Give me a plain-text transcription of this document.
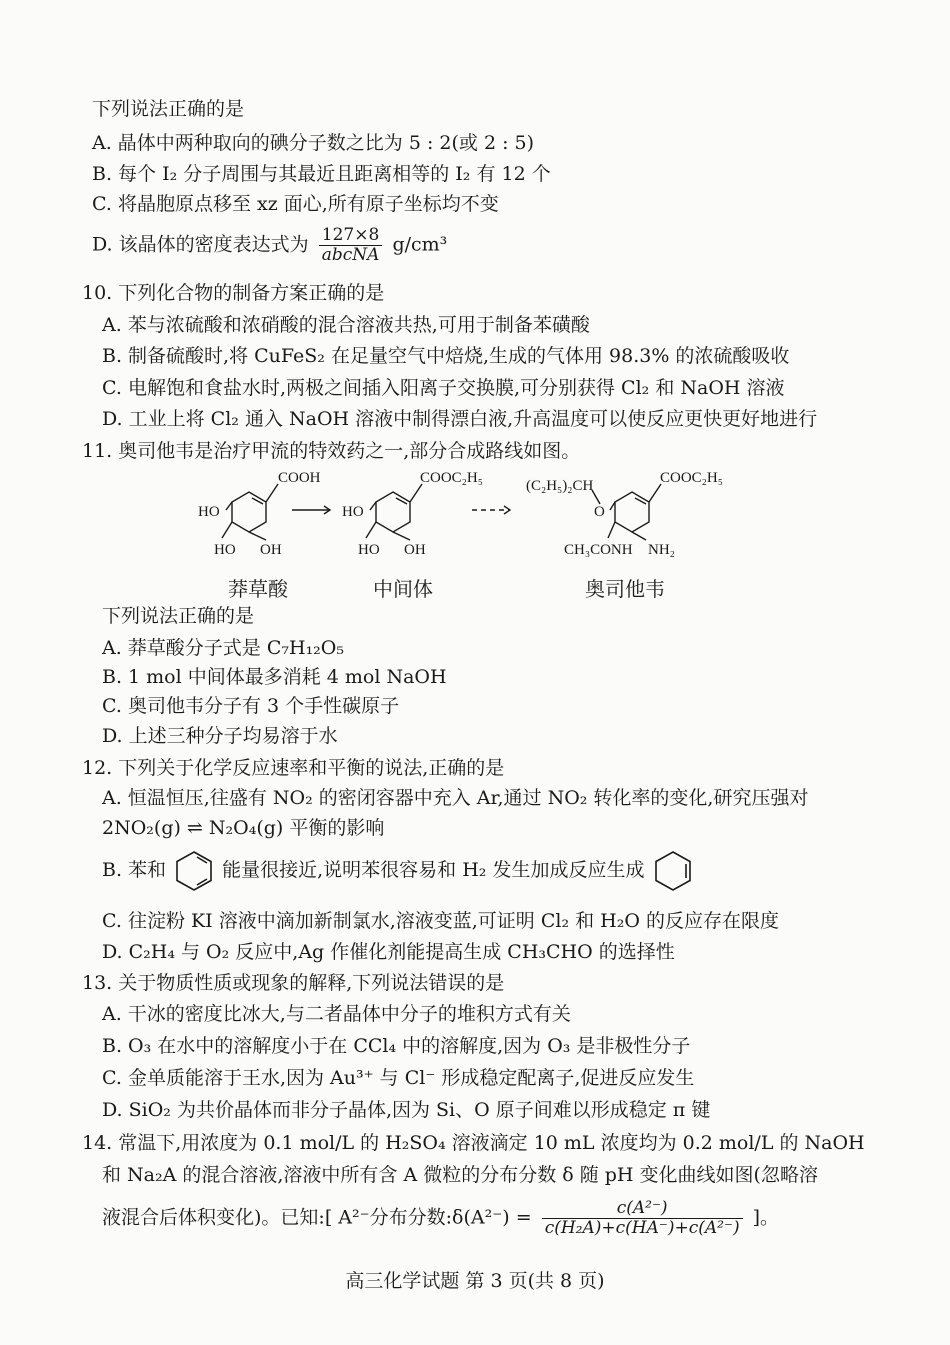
下列说法正确的是
A. 晶体中两种取向的碘分子数之比为 5 : 2(或 2 : 5)
B. 每个 I₂ 分子周围与其最近且距离相等的 I₂ 有 12 个
C. 将晶胞原点移至 xz 面心,所有原子坐标均不变
D. 该晶体的密度表达式为 $\frac{127\times 8}{\text{abcNA}} g/cm^3$
10. 下列化合物的制备方案正确的是
A. 苯与浓硫酸和浓硝酸的混合溶液共热,可用于制备苯磺酸
B. 制备硫酸时,将 CuFeS₂ 在足量空气中焙烧,生成的气体用 98.3% 的浓硫酸吸收
C. 电解饱和食盐水时,两极之间插入阳离子交换膜,可分别获得 Cl₂ 和 NaOH 溶液
D. 工业上将 Cl₂ 通入 NaOH 溶液中制得漂白液,升高温度可以使反应更快更好地进行
11. 奥司他韦是治疗甲流的特效药之一,部分合成路线如图。
COOH
HO
HO OH
COOC₂H₅
HO
HO OH
COOC₂H₅
(C₂H₅)₂CH
O
CH₃CONH NH₂
莽草酸	中间体	奥司他韦
下列说法正确的是
A. 莽草酸分子式是 C₇H₁₂O₅
B. 1 mol 中间体最多消耗 4 mol NaOH
C. 奥司他韦分子有 3 个手性碳原子
D. 上述三种分子均易溶于水
12. 下列关于化学反应速率和平衡的说法,正确的是
A. 恒温恒压,往盛有 NO₂ 的密闭容器中充入 Ar,通过 NO₂ 转化率的变化,研究压强对
2NO₂(g) ⇌ N₂O₄(g) 平衡的影响
B. 苯和	能量很接近,说明苯很容易和 H₂ 发生加成反应生成
C. 往淀粉 KI 溶液中滴加新制氯水,溶液变蓝,可证明 Cl₂ 和 H₂O 的反应存在限度
D. C₂H₄ 与 O₂ 反应中,Ag 作催化剂能提高生成 CH₃CHO 的选择性
13. 关于物质性质或现象的解释,下列说法错误的是
A. 干冰的密度比冰大,与二者晶体中分子的堆积方式有关
B. O₃ 在水中的溶解度小于在 CCl₄ 中的溶解度,因为 O₃ 是非极性分子
C. 金单质能溶于王水,因为 Au³⁺ 与 Cl⁻ 形成稳定配离子,促进反应发生
D. SiO₂ 为共价晶体而非分子晶体,因为 Si、O 原子间难以形成稳定 π 键
14. 常温下,用浓度为 0.1 mol/L 的 H₂SO₄ 溶液滴定 10 mL 浓度均为 0.2 mol/L 的 NaOH
和 Na₂A 的混合溶液,溶液中所有含 A 微粒的分布分数 δ 随 pH 变化曲线如图(忽略溶
液混合后体积变化)。已知:[ A²⁻分布分数:δ(A²⁻) = $\frac{\text{c(A²⁻)}}{\text{c(H₂A)+c(HA⁻)+c(A²⁻)}}$ ]。
高三化学试题 第 3 页(共 8 页)
